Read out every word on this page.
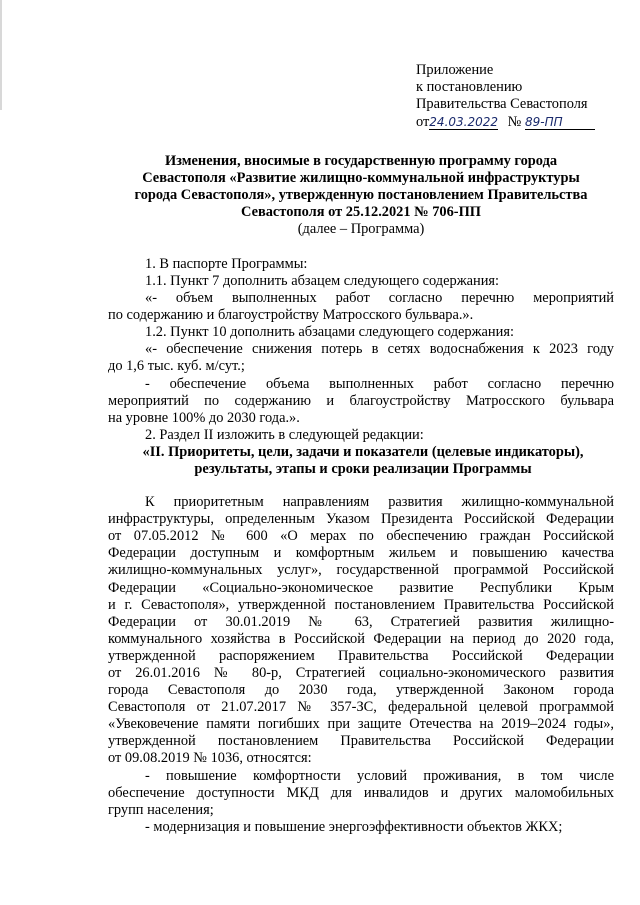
Приложение
к постановлению
Правительства Севастополя
от24.03.2022 № 89-ПП
Изменения, вносимые в государственную программу города
Севастополя «Развитие жилищно-коммунальной инфраструктуры
города Севастополя», утвержденную постановлением Правительства
Севастополя от 25.12.2021 № 706-ПП
(далее – Программа)
1. В паспорте Программы:
1.1. Пункт 7 дополнить абзацем следующего содержания:
«- объем выполненных работ согласно перечню мероприятий
по содержанию и благоустройству Матросского бульвара.».
1.2. Пункт 10 дополнить абзацами следующего содержания:
«- обеспечение снижения потерь в сетях водоснабжения к 2023 году
до 1,6 тыс. куб. м/сут.;
- обеспечение объема выполненных работ согласно перечню
мероприятий по содержанию и благоустройству Матросского бульвара
на уровне 100% до 2030 года.».
2. Раздел II изложить в следующей редакции:
«II. Приоритеты, цели, задачи и показатели (целевые индикаторы),
результаты, этапы и сроки реализации Программы
К приоритетным направлениям развития жилищно-коммунальной
инфраструктуры, определенным Указом Президента Российской Федерации
от 07.05.2012 № 600 «О мерах по обеспечению граждан Российской
Федерации доступным и комфортным жильем и повышению качества
жилищно-коммунальных услуг», государственной программой Российской
Федерации «Социально-экономическое развитие Республики Крым
и г. Севастополя», утвержденной постановлением Правительства Российской
Федерации от 30.01.2019 № 63, Стратегией развития жилищно-
коммунального хозяйства в Российской Федерации на период до 2020 года,
утвержденной распоряжением Правительства Российской Федерации
от 26.01.2016 № 80-р, Стратегией социально-экономического развития
города Севастополя до 2030 года, утвержденной Законом города
Севастополя от 21.07.2017 № 357-ЗС, федеральной целевой программой
«Увековечение памяти погибших при защите Отечества на 2019–2024 годы»,
утвержденной постановлением Правительства Российской Федерации
от 09.08.2019 № 1036, относятся:
- повышение комфортности условий проживания, в том числе
обеспечение доступности МКД для инвалидов и других маломобильных
групп населения;
- модернизация и повышение энергоэффективности объектов ЖКХ;
